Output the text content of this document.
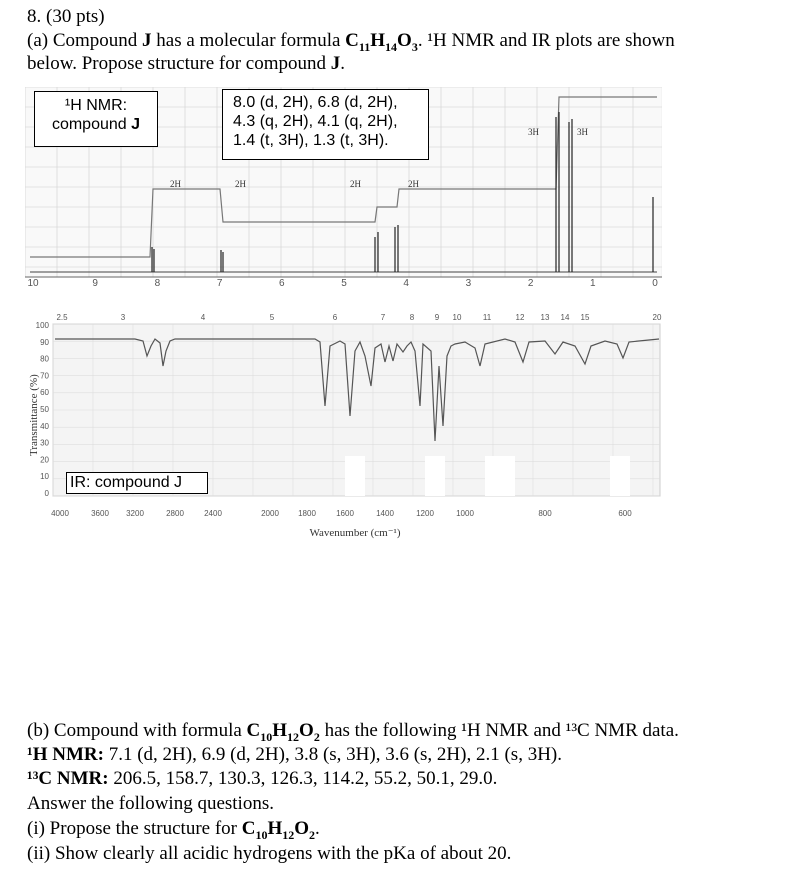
8. (30 pts)
(a) Compound J has a molecular formula $C_{11}H_{14}O_3$. ¹H NMR and IR plots are shown
below. Propose structure for compound J.
2H	2H	2H	2H
3H	3H
10	9	8	7	6	5	4	3	2	1	0
¹H NMR:
compound J
8.0 (d, 2H), 6.8 (d, 2H),
4.3 (q, 2H), 4.1 (q, 2H),
1.4 (t, 3H), 1.3 (t, 3H).
2.5	3	4	5	6	7	8	9 10	11	12 13 14 15	20
100
90
80
70
60
50
40
30
20
10
0
4000	3600 3200	2800	2400	2000 1800	1600	1400	1200	1000	800	600
Transmittance (%)
Wavenumber (cm⁻¹)
IR: compound J
(b) Compound with formula $C_{10}H_{12}O_2$ has the following ¹H NMR and ¹³C NMR data.
¹H NMR: 7.1 (d, 2H), 6.9 (d, 2H), 3.8 (s, 3H), 3.6 (s, 2H), 2.1 (s, 3H).
¹³C NMR: 206.5, 158.7, 130.3, 126.3, 114.2, 55.2, 50.1, 29.0.
Answer the following questions.
(i) Propose the structure for $C_{10}H_{12}O_2$.
(ii) Show clearly all acidic hydrogens with the pKa of about 20.
